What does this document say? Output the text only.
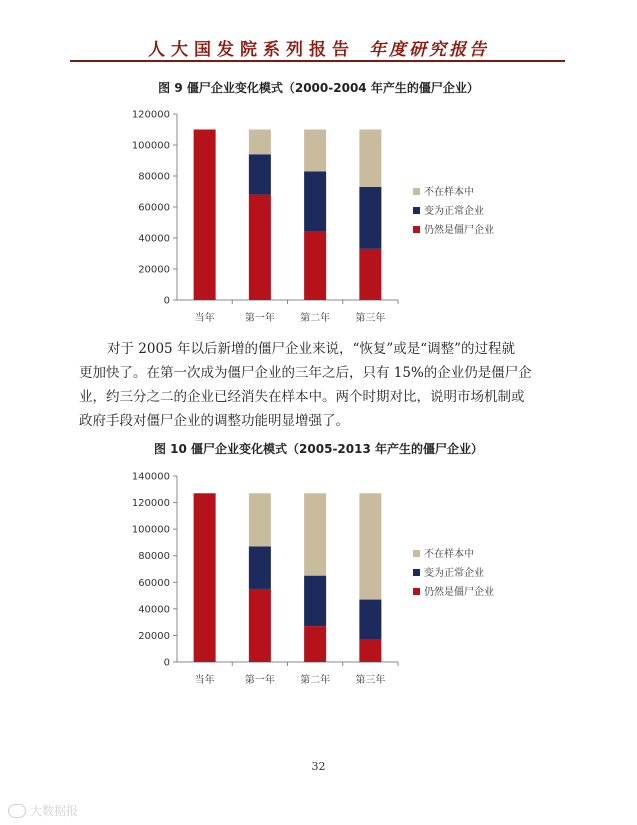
人大国发院系列报告 年度研究报告
图 9 僵尸企业变化模式（2000-2004 年产生的僵尸企业）
0
20000
40000
60000
80000
100000
120000
当年	第一年	第二年	第三年
不在样本中
变为正常企业
仍然是僵尸企业
对于 2005 年以后新增的僵尸企业来说，“恢复”或是“调整”的过程就
更加快了。在第一次成为僵尸企业的三年之后，只有 15%的企业仍是僵尸企
业，约三分之二的企业已经消失在样本中。两个时期对比，说明市场机制或
政府手段对僵尸企业的调整功能明显增强了。
图 10 僵尸企业变化模式（2005-2013 年产生的僵尸企业）
0
20000
40000
60000
80000
100000
120000
140000
当年	第一年	第二年	第三年
不在样本中
变为正常企业
仍然是僵尸企业
32
大数据报
